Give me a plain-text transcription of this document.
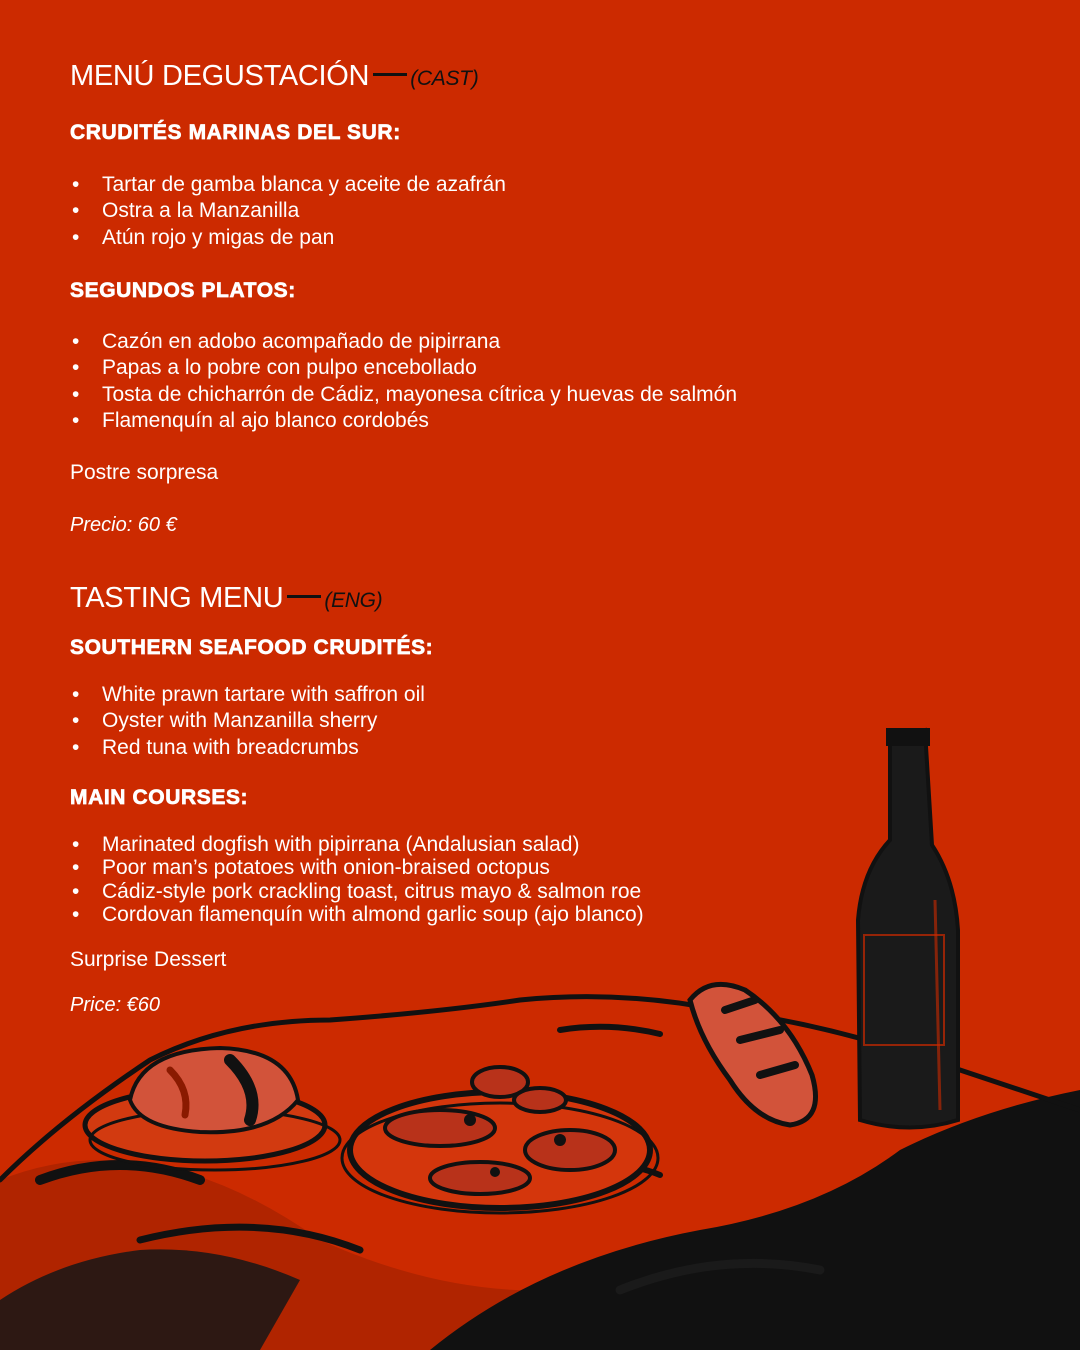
MENÚ DEGUSTACIÓN (CAST)
CRUDITÉS MARINAS DEL SUR:
• Tartar de gamba blanca y aceite de azafrán
• Ostra a la Manzanilla
• Atún rojo y migas de pan
SEGUNDOS PLATOS:
• Cazón en adobo acompañado de pipirrana
• Papas a lo pobre con pulpo encebollado
• Tosta de chicharrón de Cádiz, mayonesa cítrica y huevas de salmón
• Flamenquín al ajo blanco cordobés
Postre sorpresa
Precio: 60 €
TASTING MENU (ENG)
SOUTHERN SEAFOOD CRUDITÉS:
• White prawn tartare with saffron oil
• Oyster with Manzanilla sherry
• Red tuna with breadcrumbs
MAIN COURSES:
• Marinated dogfish with pipirrana (Andalusian salad)
• Poor man’s potatoes with onion-braised octopus
• Cádiz-style pork crackling toast, citrus mayo & salmon roe
• Cordovan flamenquín with almond garlic soup (ajo blanco)
Surprise Dessert
Price: €60
